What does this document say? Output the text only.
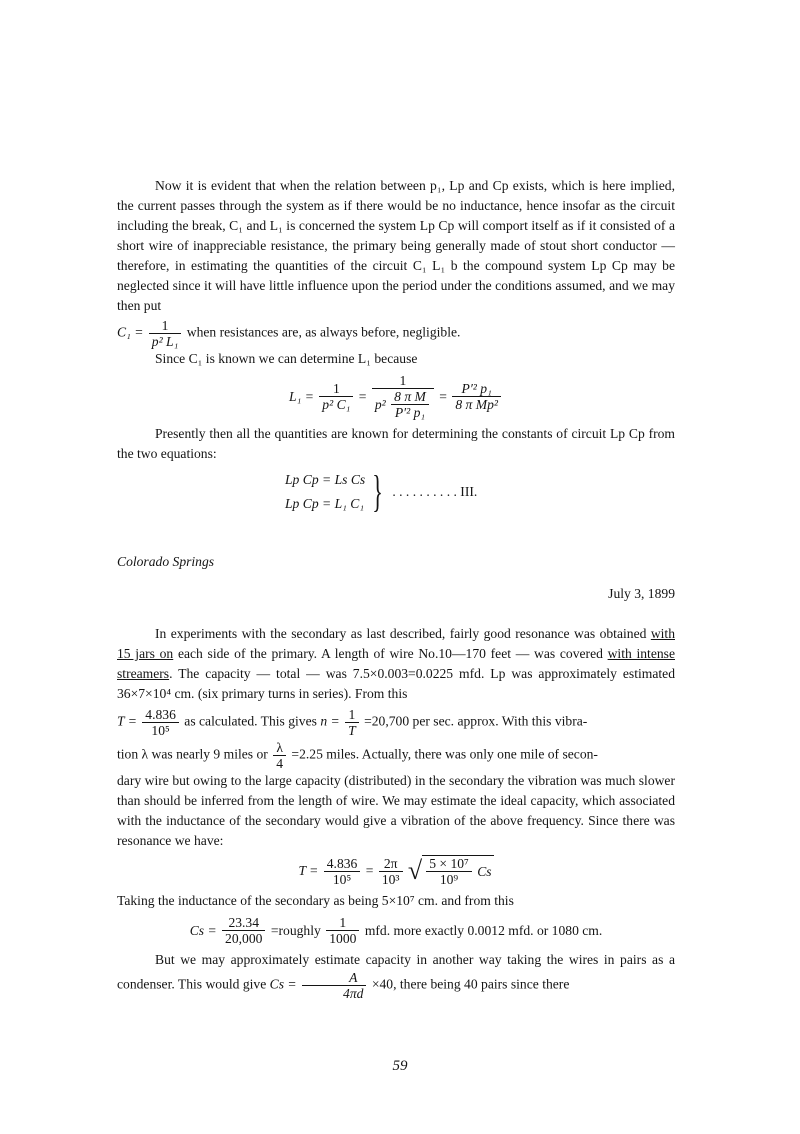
Now it is evident that when the relation between p₁, Lp and Cp exists, which is here implied, the current passes through the system as if there would be no inductance, hence insofar as the circuit including the break, C₁ and L₁ is concerned the system Lp Cp will comport itself as if it consisted of a short wire of inappreciable resistance, the primary being generally made of stout short conductor — therefore, in estimating the quantities of the circuit C₁ L₁ b the compound system Lp Cp may be neglected since it will have little influence upon the period under the conditions assumed, and we may then put

$C_1 = \frac{1}{\text{p² L₁}}$ when resistances are, as always before, negligible.

Since C₁ is known we can determine L₁ because

$L_1 = \frac{1}{\text{p² C₁}} = \frac{1}{p^2 \frac{\text{8 π M}}{\text{P′² p₁}}} = \frac{\text{P′² p₁}}{\text{8 π Mp²}}$

Presently then all the quantities are known for determining the constants of circuit Lp Cp from the two equations:

Lp Cp = Ls Cs
Lp Cp = L₁ C₁ } . . . . . . . . . . III.
Colorado Springs
July 3, 1899

In experiments with the secondary as last described, fairly good resonance was obtained with 15 jars on each side of the primary. A length of wire No.10—170 feet — was covered with intense streamers. The capacity — total — was 7.5×0.003=0.0225 mfd. Lp was approximately estimated 36×7×10⁴ cm. (six primary turns in series). From this

$T = \frac{4.836}{\text{10⁵}}$ as calculated. This gives $n = \frac{1}{T} =20,700$ per sec. approx. With this vibra-

tion λ was nearly 9 miles or $\frac{\lambda}{4} =2.25$ miles. Actually, there was only one mile of secon-

dary wire but owing to the large capacity (distributed) in the secondary the vibration was much slower than should be inferred from the length of wire. We may estimate the ideal capacity, which associated with the inductance of the secondary would give a vibration of the above frequency. Since there was resonance we have:

$T = \frac{4.836}{\text{10⁵}} = \frac{2\pi}{\text{10³}}$ √ $\frac{\text{5 × 10⁷}}{\text{10⁹}}$ Cs

Taking the inductance of the secondary as being 5×10⁷ cm. and from this

$Cs = \frac{23.34}{20,000}$ =roughly $\frac{1}{1000}$ mfd. more exactly 0.0012 mfd. or 1080 cm.

But we may approximately estimate capacity in another way taking the wires in pairs as a condenser. This would give $Cs = \frac{A}{4\pi d} \times 40$, there being 40 pairs since there

59
